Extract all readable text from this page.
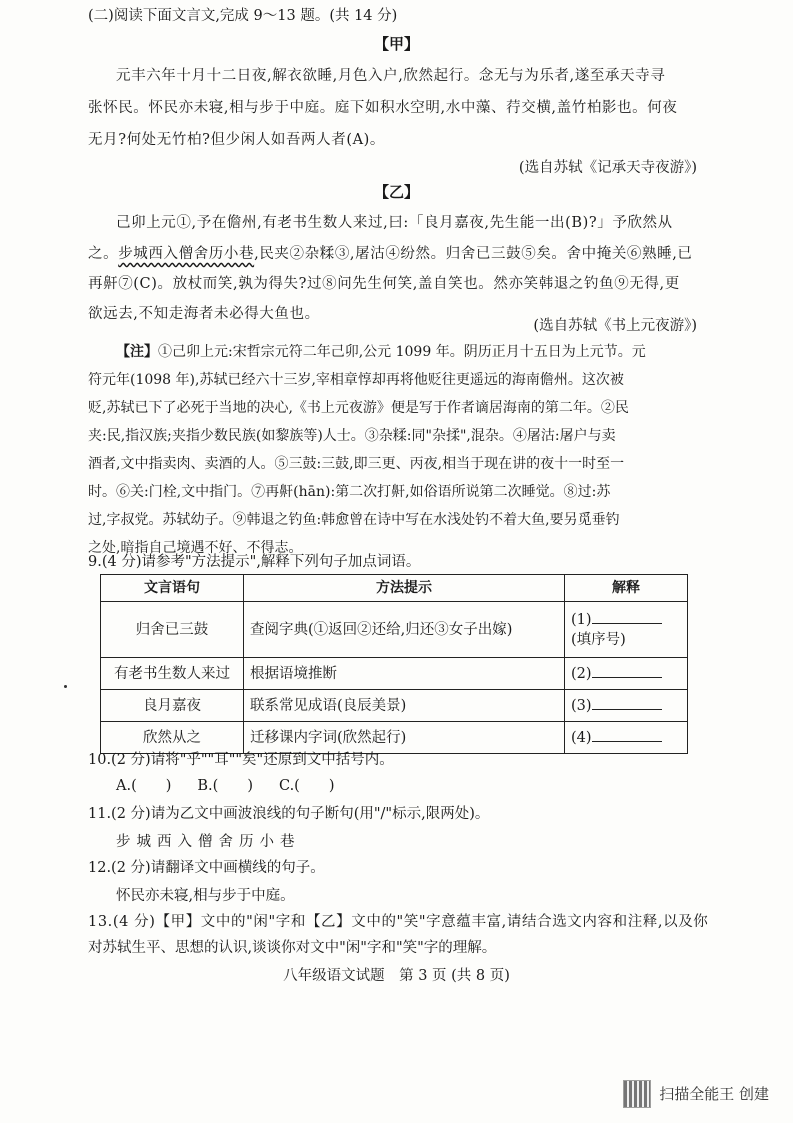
(二)阅读下面文言文,完成 9～13 题。(共 14 分)
【甲】
元丰六年十月十二日夜,解衣欲睡,月色入户,欣然起行。念无与为乐者,遂至承天寺寻
张怀民。怀民亦未寝,相与步于中庭。庭下如积水空明,水中藻、荇交横,盖竹柏影也。何夜
无月?何处无竹柏?但少闲人如吾两人者(A)。
(选自苏轼《记承天寺夜游》)
【乙】
己卯上元①,予在儋州,有老书生数人来过,曰:「良月嘉夜,先生能一出(B)?」予欣然从
之。步城西入僧舍历小巷,民夹②杂糅③,屠沽④纷然。归舍已三鼓⑤矣。舍中掩关⑥熟睡,已
再鼾⑦(C)。放杖而笑,孰为得失?过⑧问先生何笑,盖自笑也。然亦笑韩退之钓鱼⑨无得,更
欲远去,不知走海者未必得大鱼也。
(选自苏轼《书上元夜游》)
【注】①己卯上元:宋哲宗元符二年己卯,公元 1099 年。阴历正月十五日为上元节。元
符元年(1098 年),苏轼已经六十三岁,宰相章惇却再将他贬往更遥远的海南儋州。这次被
贬,苏轼已下了必死于当地的决心,《书上元夜游》便是写于作者谪居海南的第二年。②民
夹:民,指汉族;夹指少数民族(如黎族等)人士。③杂糅:同"杂揉",混杂。④屠沽:屠户与卖
酒者,文中指卖肉、卖酒的人。⑤三鼓:三鼓,即三更、丙夜,相当于现在讲的夜十一时至一
时。⑥关:门栓,文中指门。⑦再鼾(hān):第二次打鼾,如俗语所说第二次睡觉。⑧过:苏
过,字叔党。苏轼幼子。⑨韩退之钓鱼:韩愈曾在诗中写在水浅处钓不着大鱼,要另觅垂钓
之处,暗指自己境遇不好、不得志。
9.(4 分)请参考"方法提示",解释下列句子加点词语。
文言语句	方法提示	解释
归舍已三鼓	查阅字典(①返回②还给,归还③女子出嫁)	(1)
(填序号)
有老书生数人来过	根据语境推断	(2)
良月嘉夜	联系常见成语(良辰美景)	(3)
欣然从之	迁移课内字词(欣然起行)	(4)
10.(2 分)请将"乎""耳""矣"还原到文中括号内。
A.(　　) B.(　　) C.(　　)
11.(2 分)请为乙文中画波浪线的句子断句(用"/"标示,限两处)。
步城西入僧舍历小巷
12.(2 分)请翻译文中画横线的句子。
怀民亦未寝,相与步于中庭。
13.(4 分)【甲】文中的"闲"字和【乙】文中的"笑"字意蕴丰富,请结合选文内容和注释,以及你
对苏轼生平、思想的认识,谈谈你对文中"闲"字和"笑"字的理解。
八年级语文试题　第 3 页 (共 8 页)
扫描全能王 创建
